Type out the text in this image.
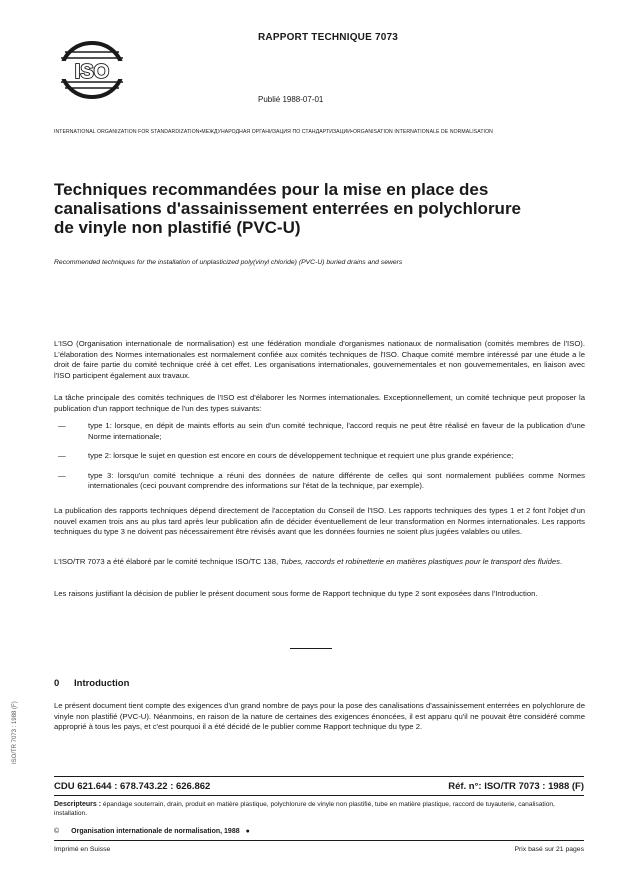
ISO
RAPPORT TECHNIQUE 7073
Publié 1988-07-01
INTERNATIONAL ORGANIZATION FOR STANDARDIZATION•МЕЖДУНАРОДНАЯ ОРГАНИЗАЦИЯ ПО СТАНДАРТИЗАЦИИ•ORGANISATION INTERNATIONALE DE NORMALISATION
Techniques recommandées pour la mise en place des
canalisations d'assainissement enterrées en polychlorure
de vinyle non plastifié (PVC-U)
Recommended techniques for the installation of unplasticized poly(vinyl chloride) (PVC-U) buried drains and sewers

L'ISO (Organisation internationale de normalisation) est une fédération mondiale d'organismes nationaux de normalisation (comités membres de l'ISO). L'élaboration des Normes internationales est normalement confiée aux comités techniques de l'ISO. Chaque comité membre intéressé par une étude a le droit de faire partie du comité technique créé à cet effet. Les organisations internationales, gouvernementales et non gouvernementales, en liaison avec l'ISO participent également aux travaux.

La tâche principale des comités techniques de l'ISO est d'élaborer les Normes internationales. Exceptionnellement, un comité technique peut proposer la publication d'un rapport technique de l'un des types suivants:

—	type 1: lorsque, en dépit de maints efforts au sein d'un comité technique, l'accord requis ne peut être réalisé en faveur de la publication d'une Norme internationale;
—	type 2: lorsque le sujet en question est encore en cours de développement technique et requiert une plus grande expérience;
—	type 3: lorsqu'un comité technique a réuni des données de nature différente de celles qui sont normalement publiées comme Normes internationales (ceci pouvant comprendre des informations sur l'état de la technique, par exemple).

La publication des rapports techniques dépend directement de l'acceptation du Conseil de l'ISO. Les rapports techniques des types 1 et 2 font l'objet d'un nouvel examen trois ans au plus tard après leur publication afin de décider éventuellement de leur transformation en Normes internationales. Les rapports techniques du type 3 ne doivent pas nécessairement être révisés avant que les données fournies ne soient plus jugées valables ou utiles.

L'ISO/TR 7073 a été élaboré par le comité technique ISO/TC 138, Tubes, raccords et robinetterie en matières plastiques pour le transport des fluides.

Les raisons justifiant la décision de publier le présent document sous forme de Rapport technique du type 2 sont exposées dans l'Introduction.

0 Introduction

Le présent document tient compte des exigences d'un grand nombre de pays pour la pose des canalisations d'assainissement enterrées en polychlorure de vinyle non plastifié (PVC-U). Néanmoins, en raison de la nature de certaines des exigences énoncées, il est apparu qu'il ne pouvait être considéré comme approprié à tous les pays, et c'est pourquoi il a été décidé de le publier comme Rapport technique du type 2.

CDU 621.644 : 678.743.22 : 626.862	Réf. n°: ISO/TR 7073 : 1988 (F)
Descripteurs : épandage souterrain, drain, produit en matière plastique, polychlorure de vinyle non plastifié, tube en matière plastique, raccord de tuyauterie, canalisation, installation.
© Organisation internationale de normalisation, 1988 ●
Imprimé en Suisse	Prix basé sur 21 pages
ISO/TR 7073 : 1988 (F)
